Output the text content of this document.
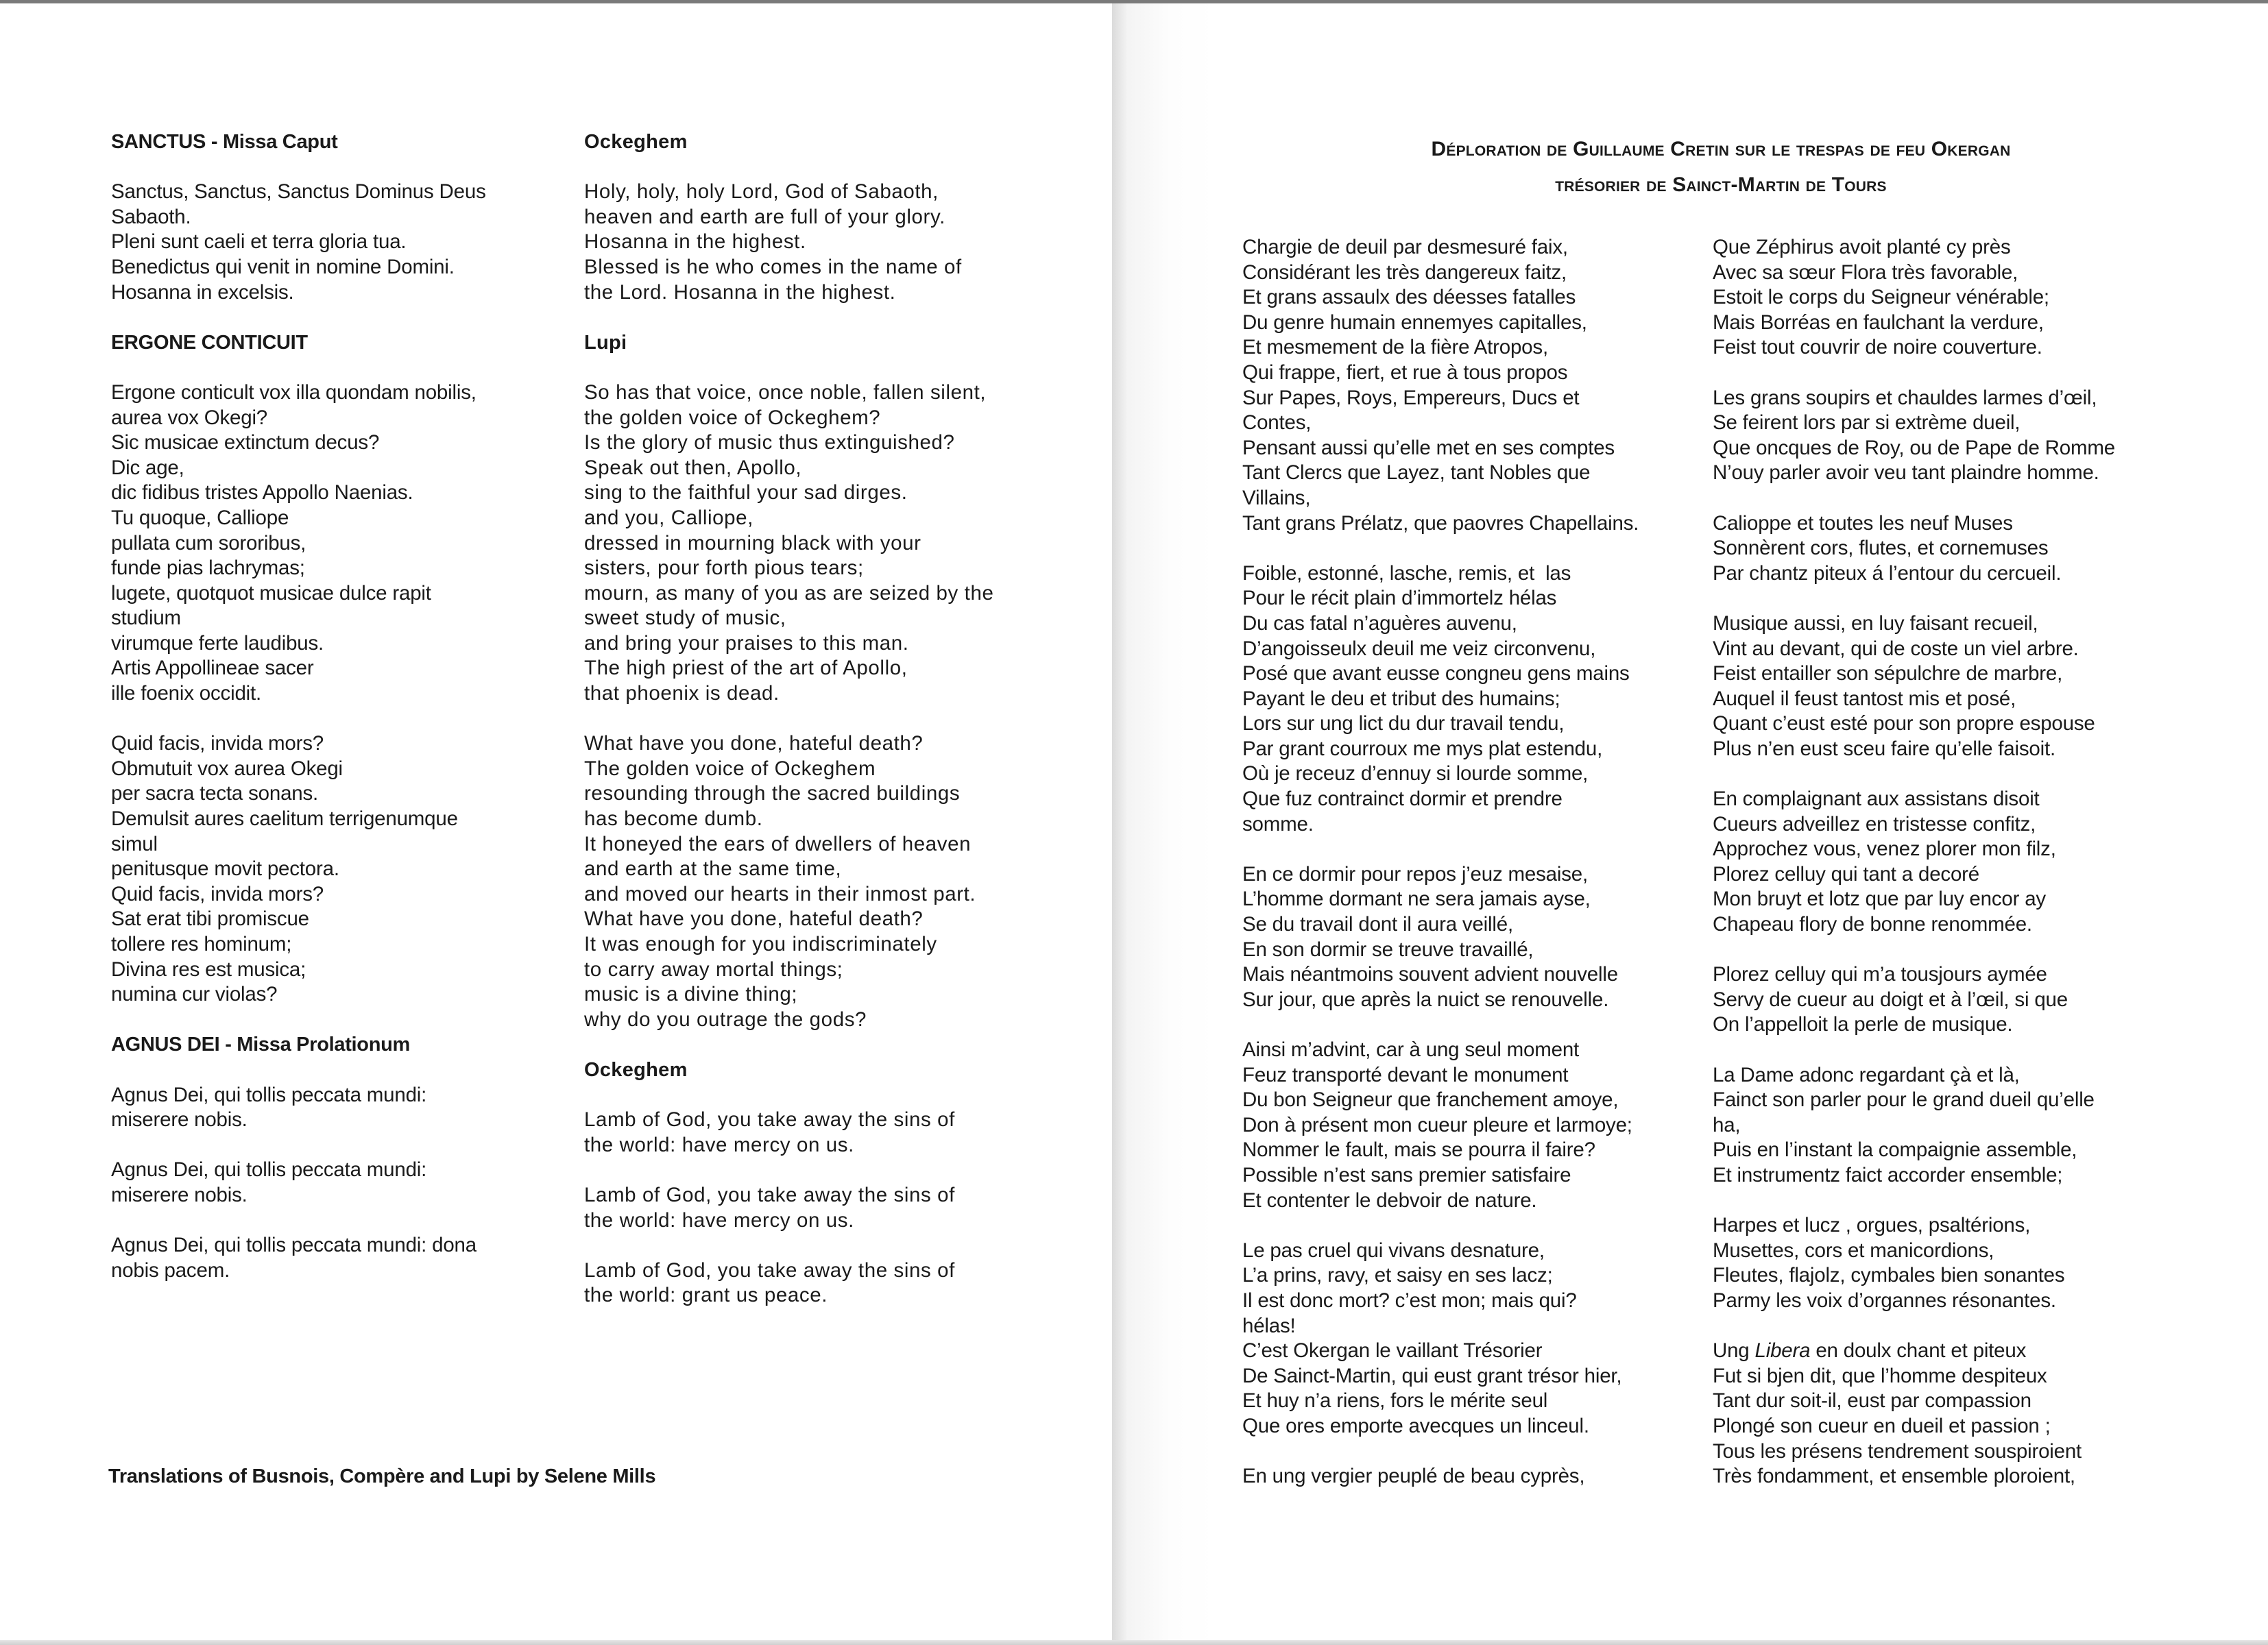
SANCTUS - Missa Caput
Sanctus, Sanctus, Sanctus Dominus Deus
Sabaoth.
Pleni sunt caeli et terra gloria tua.
Benedictus qui venit in nomine Domini.
Hosanna in excelsis.
ERGONE CONTICUIT
Ergone conticult vox illa quondam nobilis,
aurea vox Okegi?
Sic musicae extinctum decus?
Dic age,
dic fidibus tristes Appollo Naenias.
Tu quoque, Calliope
pullata cum sororibus,
funde pias lachrymas;
lugete, quotquot musicae dulce rapit
studium
virumque ferte laudibus.
Artis Appollineae sacer
ille foenix occidit.
Quid facis, invida mors?
Obmutuit vox aurea Okegi
per sacra tecta sonans.
Demulsit aures caelitum terrigenumque
simul
penitusque movit pectora.
Quid facis, invida mors?
Sat erat tibi promiscue
tollere res hominum;
Divina res est musica;
numina cur violas?
AGNUS DEI - Missa Prolationum
Agnus Dei, qui tollis peccata mundi:
miserere nobis.
Agnus Dei, qui tollis peccata mundi:
miserere nobis.
Agnus Dei, qui tollis peccata mundi: dona
nobis pacem.
Ockeghem
Holy, holy, holy Lord, God of Sabaoth,
heaven and earth are full of your glory.
Hosanna in the highest.
Blessed is he who comes in the name of
the Lord. Hosanna in the highest.
Lupi
So has that voice, once noble, fallen silent,
the golden voice of Ockeghem?
Is the glory of music thus extinguished?
Speak out then, Apollo,
sing to the faithful your sad dirges.
and you, Calliope,
dressed in mourning black with your
sisters, pour forth pious tears;
mourn, as many of you as are seized by the
sweet study of music,
and bring your praises to this man.
The high priest of the art of Apollo,
that phoenix is dead.
What have you done, hateful death?
The golden voice of Ockeghem
resounding through the sacred buildings
has become dumb.
It honeyed the ears of dwellers of heaven
and earth at the same time,
and moved our hearts in their inmost part.
What have you done, hateful death?
It was enough for you indiscriminately
to carry away mortal things;
music is a divine thing;
why do you outrage the gods?
Ockeghem
Lamb of God, you take away the sins of
the world: have mercy on us.
Lamb of God, you take away the sins of
the world: have mercy on us.
Lamb of God, you take away the sins of
the world: grant us peace.
Translations of Busnois, Compère and Lupi by Selene Mills
Déploration de Guillaume Cretin sur le trespas de feu Okergan
trésorier de Sainct-Martin de Tours
Chargie de deuil par desmesuré faix,
Considérant les très dangereux faitz,
Et grans assaulx des déesses fatalles
Du genre humain ennemyes capitalles,
Et mesmement de la fière Atropos,
Qui frappe, fiert, et rue à tous propos
Sur Papes, Roys, Empereurs, Ducs et
Contes,
Pensant aussi qu’elle met en ses comptes
Tant Clercs que Layez, tant Nobles que
Villains,
Tant grans Prélatz, que paovres Chapellains.
Foible, estonné, lasche, remis, et  las
Pour le récit plain d’immortelz hélas
Du cas fatal n’aguères auvenu,
D’angoisseulx deuil me veiz circonvenu,
Posé que avant eusse congneu gens mains
Payant le deu et tribut des humains;
Lors sur ung lict du dur travail tendu,
Par grant courroux me mys plat estendu,
Où je receuz d’ennuy si lourde somme,
Que fuz contrainct dormir et prendre
somme.
En ce dormir pour repos j’euz mesaise,
L’homme dormant ne sera jamais ayse,
Se du travail dont il aura veillé,
En son dormir se treuve travaillé,
Mais néantmoins souvent advient nouvelle
Sur jour, que après la nuict se renouvelle.
Ainsi m’advint, car à ung seul moment
Feuz transporté devant le monument
Du bon Seigneur que franchement amoye,
Don à présent mon cueur pleure et larmoye;
Nommer le fault, mais se pourra il faire?
Possible n’est sans premier satisfaire
Et contenter le debvoir de nature.
Le pas cruel qui vivans desnature,
L’a prins, ravy, et saisy en ses lacz;
Il est donc mort? c’est mon; mais qui?
hélas!
C’est Okergan le vaillant Trésorier
De Sainct-Martin, qui eust grant trésor hier,
Et huy n’a riens, fors le mérite seul
Que ores emporte avecques un linceul.
En ung vergier peuplé de beau cyprès,
Que Zéphirus avoit planté cy près
Avec sa sœur Flora très favorable,
Estoit le corps du Seigneur vénérable;
Mais Borréas en faulchant la verdure,
Feist tout couvrir de noire couverture.
Les grans soupirs et chauldes larmes d’œil,
Se feirent lors par si extrème dueil,
Que oncques de Roy, ou de Pape de Romme
N’ouy parler avoir veu tant plaindre homme.
Calioppe et toutes les neuf Muses
Sonnèrent cors, flutes, et cornemuses
Par chantz piteux á l’entour du cercueil.
Musique aussi, en luy faisant recueil,
Vint au devant, qui de coste un viel arbre.
Feist entailler son sépulchre de marbre,
Auquel il feust tantost mis et posé,
Quant c’eust esté pour son propre espouse
Plus n’en eust sceu faire qu’elle faisoit.
En complaignant aux assistans disoit
Cueurs adveillez en tristesse confitz,
Approchez vous, venez plorer mon filz,
Plorez celluy qui tant a decoré
Mon bruyt et lotz que par luy encor ay
Chapeau flory de bonne renommée.
Plorez celluy qui m’a tousjours aymée
Servy de cueur au doigt et à l’œil, si que
On l’appelloit la perle de musique.
La Dame adonc regardant çà et là,
Fainct son parler pour le grand dueil qu’elle
ha,
Puis en l’instant la compaignie assemble,
Et instrumentz faict accorder ensemble;
Harpes et lucz , orgues, psaltérions,
Musettes, cors et manicordions,
Fleutes, flajolz, cymbales bien sonantes
Parmy les voix d’organnes résonantes.
Ung Libera en doulx chant et piteux
Fut si bjen dit, que l’homme despiteux
Tant dur soit-il, eust par compassion
Plongé son cueur en dueil et passion ;
Tous les présens tendrement souspiroient
Très fondamment, et ensemble ploroient,
